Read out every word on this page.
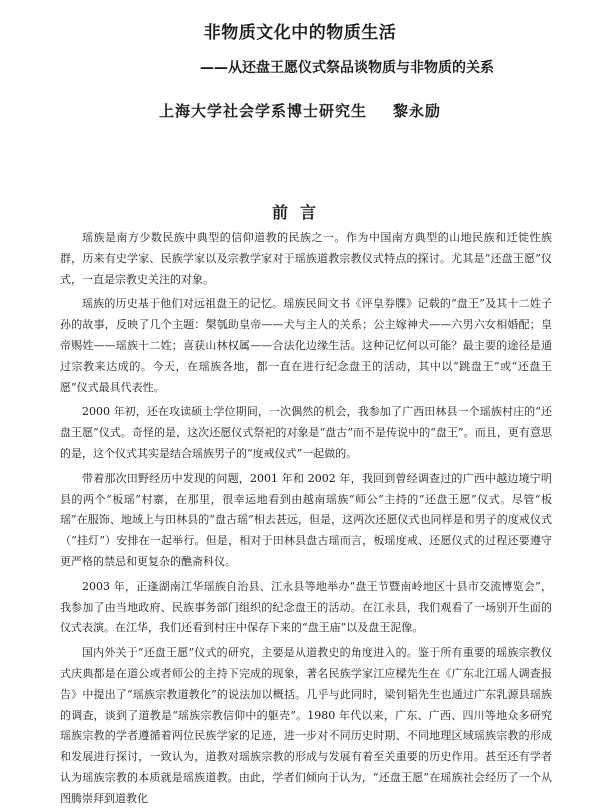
非物质文化中的物质生活
——从还盘王愿仪式祭品谈物质与非物质的关系
上海大学社会学系博士研究生 黎永励
前言

瑶族是南方少数民族中典型的信仰道教的民族之一。作为中国南方典型的山地民族和迁徙性族群，历来有史学家、民族学家以及宗教学家对于瑶族道教宗教仪式特点的探讨。尤其是“还盘王愿”仪式，一直是宗教史关注的对象。

瑶族的历史基于他们对远祖盘王的记忆。瑶族民间文书《评皇券牒》记载的“盘王”及其十二姓子孙的故事，反映了几个主题：槃瓠助皇帝——犬与主人的关系；公主嫁神犬——六男六女相婚配；皇帝赐姓——瑶族十二姓；喜获山林权属——合法化边缘生活。这种记忆何以可能？最主要的途径是通过宗教来达成的。今天，在瑶族各地，都一直在进行纪念盘王的活动，其中以“跳盘王”或“还盘王愿”仪式最具代表性。

2000 年初，还在攻读硕士学位期间，一次偶然的机会，我参加了广西田林县一个瑶族村庄的“还盘王愿”仪式。奇怪的是，这次还愿仪式祭祀的对象是“盘古”而不是传说中的“盘王”。而且，更有意思的是，这个仪式其实是结合瑶族男子的“度戒仪式”一起做的。

带着那次田野经历中发现的问题，2001 年和 2002 年，我回到曾经调查过的广西中越边境宁明县的两个“板瑶”村寨，在那里，很幸运地看到由越南瑶族“师公”主持的“还盘王愿”仪式。尽管“板瑶”在服饰、地域上与田林县的“盘古瑶”相去甚远，但是，这两次还愿仪式也同样是和男子的度戒仪式（“挂灯”）安排在一起举行。但是，相对于田林县盘古瑶而言，板瑶度戒、还愿仪式的过程还要遵守更严格的禁忌和更复杂的醮斋科仪。

2003 年，正逢湖南江华瑶族自治县、江永县等地举办“盘王节暨南岭地区十县市交流博览会”，我参加了由当地政府、民族事务部门组织的纪念盘王的活动。在江永县，我们观看了一场别开生面的仪式表演。在江华，我们还看到村庄中保存下来的“盘王庙”以及盘王泥像。

国内外关于“还盘王愿”仪式的研究，主要是从道教史的角度进入的。鉴于所有重要的瑶族宗教仪式庆典都是在道公或者师公的主持下完成的现象，著名民族学家江应樑先生在《广东北江瑶人调查报告》中提出了“瑶族宗教道教化”的说法加以概括。几乎与此同时，梁钊韬先生也通过广东乳源县瑶族的调查，谈到了道教是“瑶族宗教信仰中的躯壳”。1980 年代以来，广东、广西、四川等地众多研究瑶族宗教的学者遵循着两位民族学家的足迹，进一步对不同历史时期、不同地理区域瑶族宗教的形成和发展进行探讨，一致认为，道教对瑶族宗教的形成与发展有着至关重要的历史作用。甚至还有学者认为瑶族宗教的本质就是瑶族道教。由此，学者们倾向于认为，“还盘王愿”在瑶族社会经历了一个从图腾崇拜到道教化
